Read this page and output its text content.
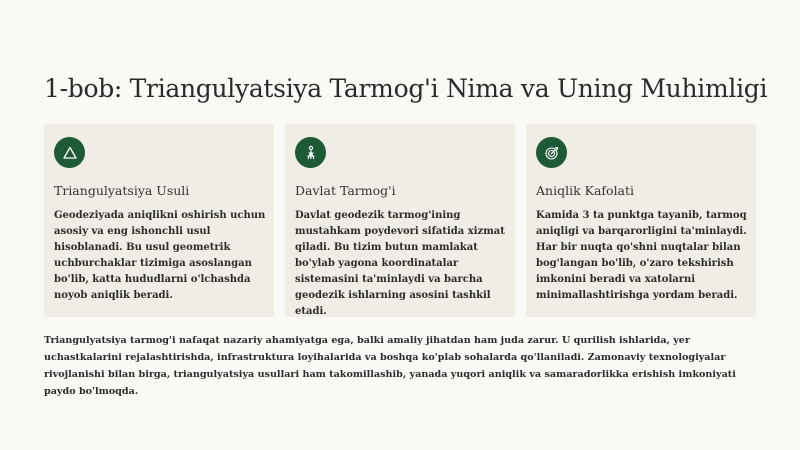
1-bob: Triangulyatsiya Tarmog'i Nima va Uning Muhimligi
Triangulyatsiya Usuli
Geodeziyada aniqlikni oshirish uchun asosiy va eng ishonchli usul hisoblanadi. Bu usul geometrik uchburchaklar tizimiga asoslangan bo'lib, katta hududlarni o'lchashda noyob aniqlik beradi.
Davlat Tarmog'i
Davlat geodezik tarmog'ining mustahkam poydevori sifatida xizmat qiladi. Bu tizim butun mamlakat bo'ylab yagona koordinatalar sistemasini ta'minlaydi va barcha geodezik ishlarning asosini tashkil etadi.
Aniqlik Kafolati
Kamida 3 ta punktga tayanib, tarmoq aniqligi va barqarorligini ta'minlaydi. Har bir nuqta qo'shni nuqtalar bilan bog'langan bo'lib, o'zaro tekshirish imkonini beradi va xatolarni minimallashtirishga yordam beradi.

Triangulyatsiya tarmog'i nafaqat nazariy ahamiyatga ega, balki amaliy jihatdan ham juda zarur. U qurilish ishlarida, yer uchastkalarini rejalashtirishda, infrastruktura loyihalarida va boshqa ko'plab sohalarda qo'llaniladi. Zamonaviy texnologiyalar rivojlanishi bilan birga, triangulyatsiya usullari ham takomillashib, yanada yuqori aniqlik va samaradorlikka erishish imkoniyati paydo bo'lmoqda.
